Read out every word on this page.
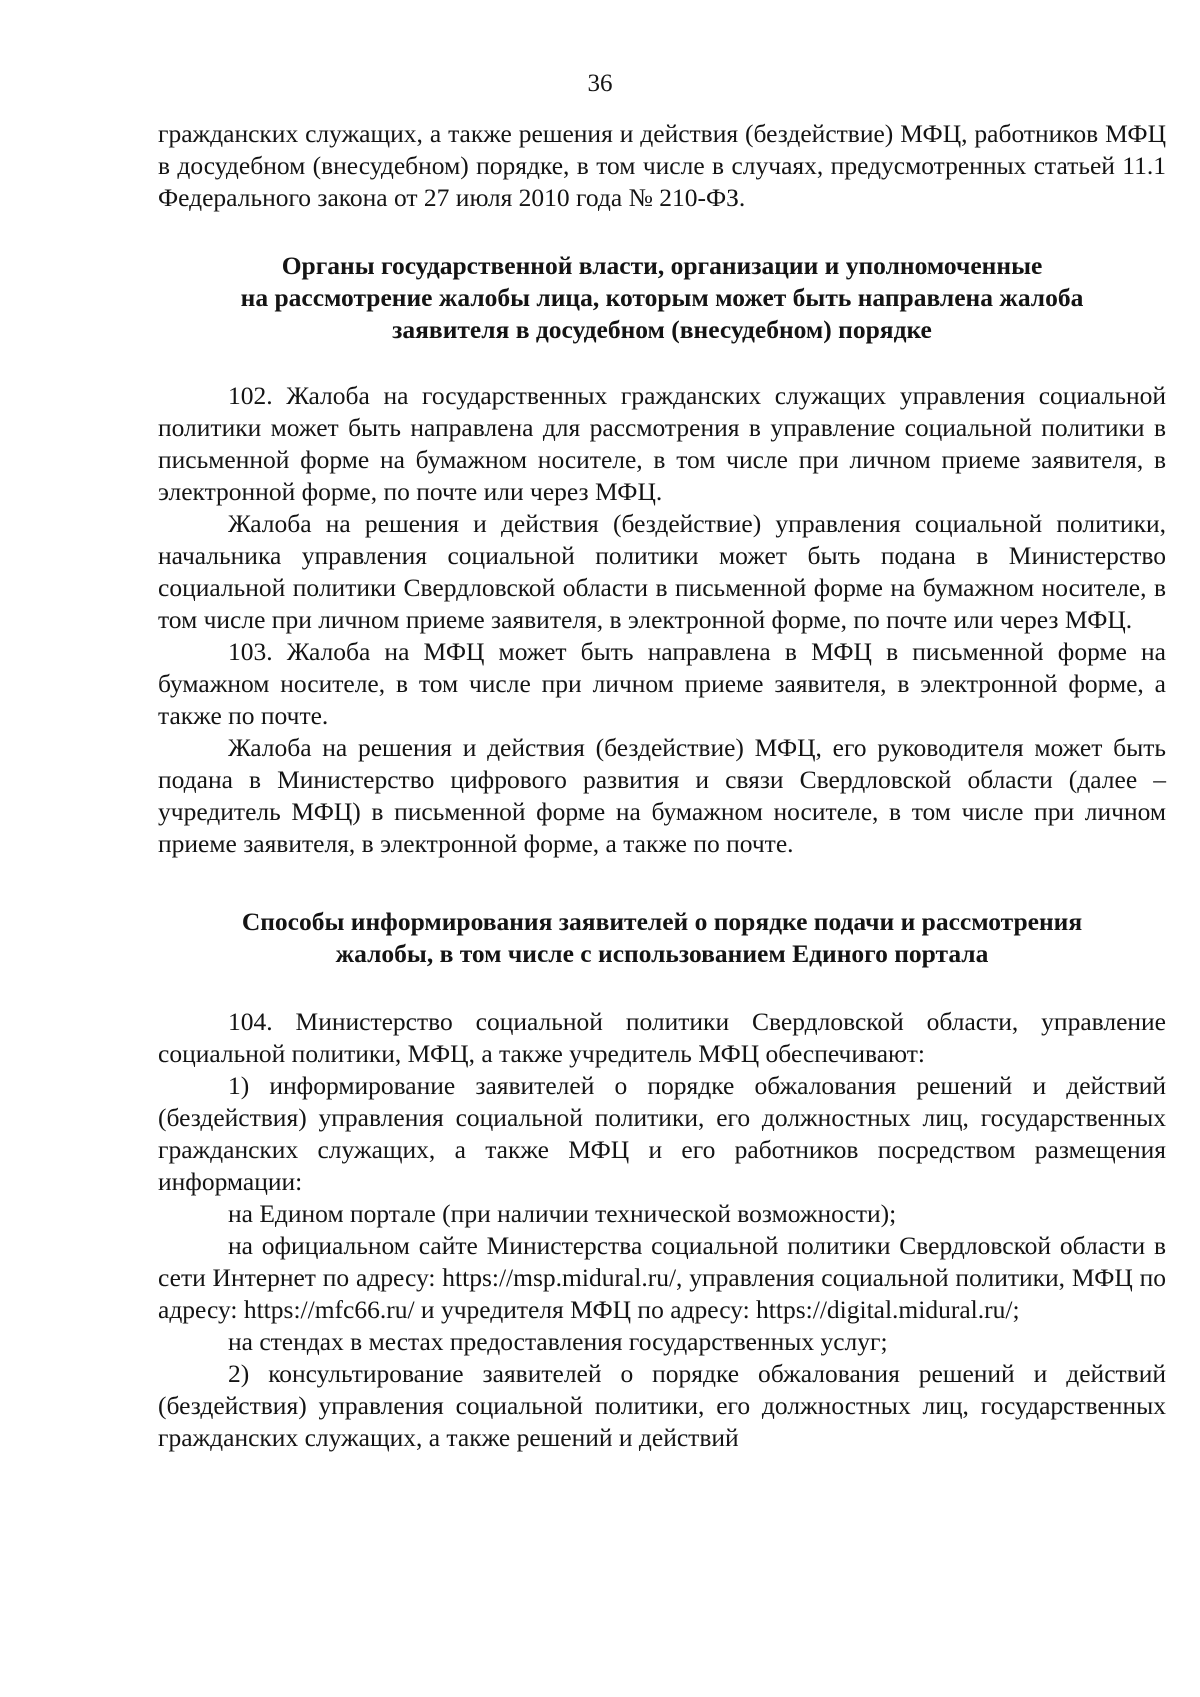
36

гражданских служащих, а также решения и действия (бездействие) МФЦ, работников МФЦ в досудебном (внесудебном) порядке, в том числе в случаях, предусмотренных статьей 11.1 Федерального закона от 27 июля 2010 года № 210-ФЗ.

Органы государственной власти, организации и уполномоченные
на рассмотрение жалобы лица, которым может быть направлена жалоба
заявителя в досудебном (внесудебном) порядке

102. Жалоба на государственных гражданских служащих управления социальной политики может быть направлена для рассмотрения в управление социальной политики в письменной форме на бумажном носителе, в том числе при личном приеме заявителя, в электронной форме, по почте или через МФЦ.

Жалоба на решения и действия (бездействие) управления социальной политики, начальника управления социальной политики может быть подана в Министерство социальной политики Свердловской области в письменной форме на бумажном носителе, в том числе при личном приеме заявителя, в электронной форме, по почте или через МФЦ.

103. Жалоба на МФЦ может быть направлена в МФЦ в письменной форме на бумажном носителе, в том числе при личном приеме заявителя, в электронной форме, а также по почте.

Жалоба на решения и действия (бездействие) МФЦ, его руководителя может быть подана в Министерство цифрового развития и связи Свердловской области (далее – учредитель МФЦ) в письменной форме на бумажном носителе, в том числе при личном приеме заявителя, в электронной форме, а также по почте.

Способы информирования заявителей о порядке подачи и рассмотрения
жалобы, в том числе с использованием Единого портала

104. Министерство социальной политики Свердловской области, управление социальной политики, МФЦ, а также учредитель МФЦ обеспечивают:

1) информирование заявителей о порядке обжалования решений и действий (бездействия) управления социальной политики, его должностных лиц, государственных гражданских служащих, а также МФЦ и его работников посредством размещения информации:

на Едином портале (при наличии технической возможности);

на официальном сайте Министерства социальной политики Свердловской области в сети Интернет по адресу: https://msp.midural.ru/, управления социальной политики, МФЦ по адресу: https://mfc66.ru/ и учредителя МФЦ по адресу: https://digital.midural.ru/;

на стендах в местах предоставления государственных услуг;

2) консультирование заявителей о порядке обжалования решений и действий (бездействия) управления социальной политики, его должностных лиц, государственных гражданских служащих, а также решений и действий
